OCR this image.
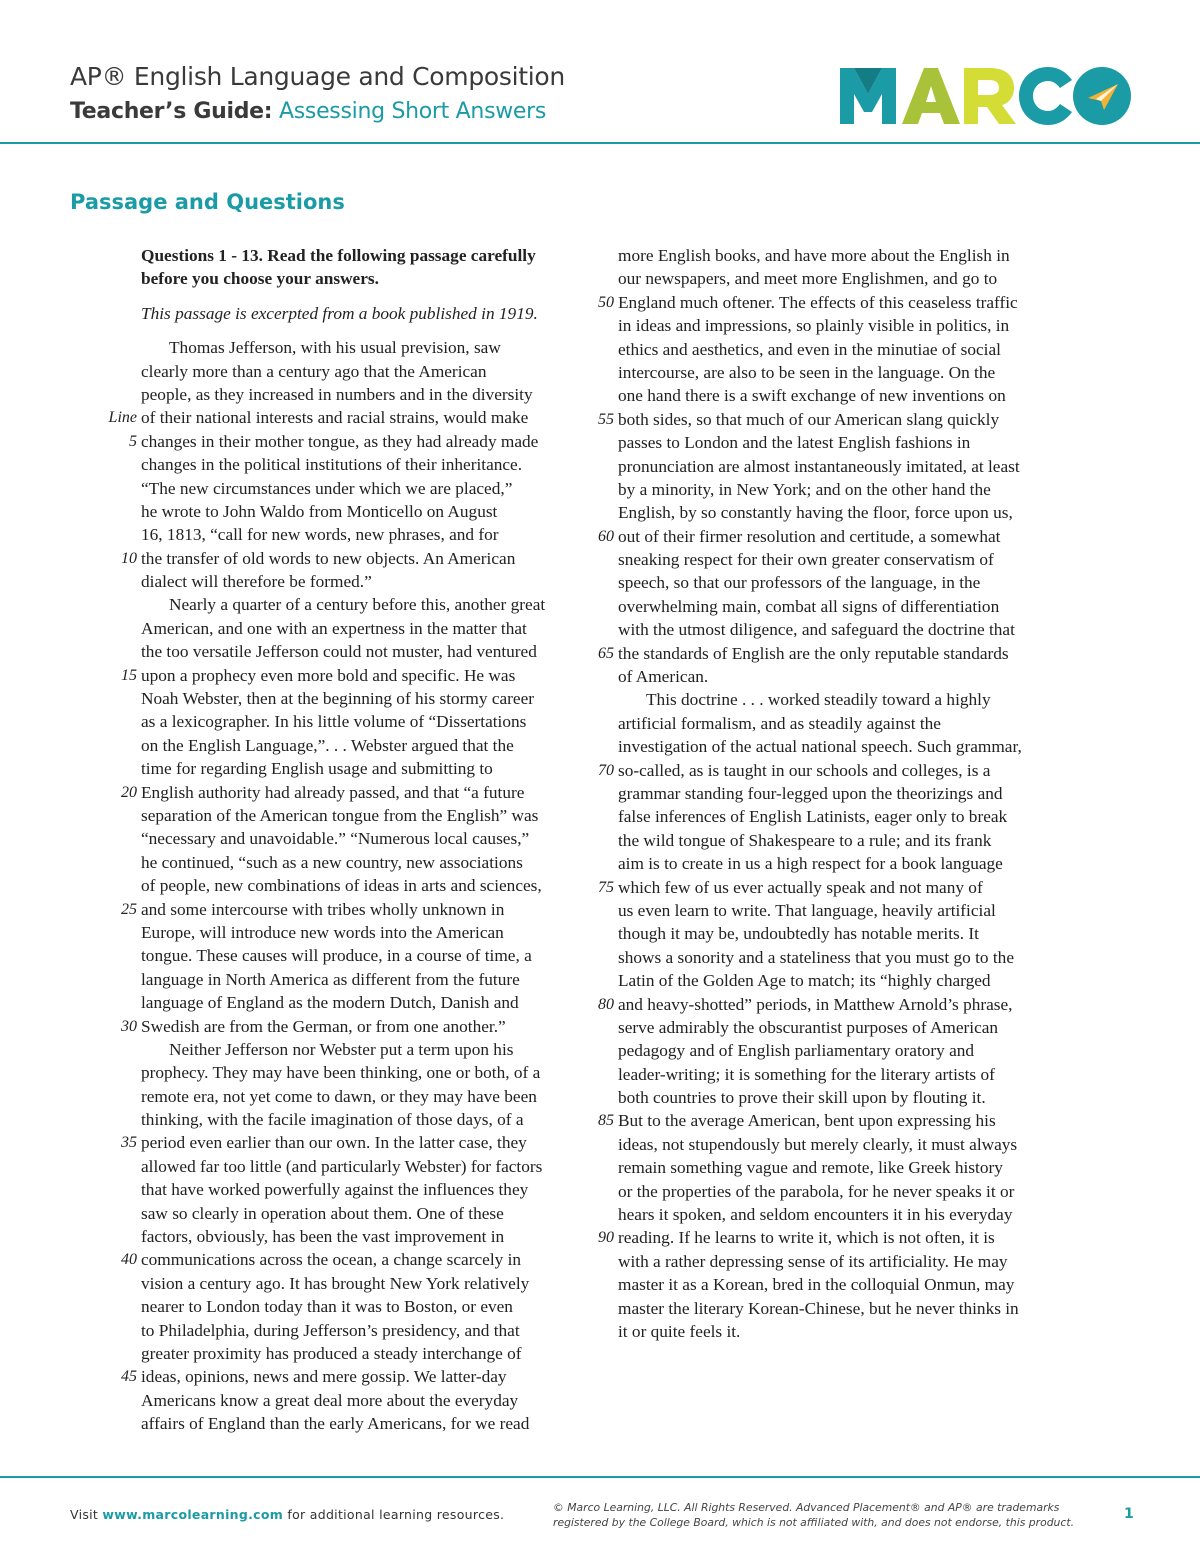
AP® English Language and Composition
Teacher’s Guide: Assessing Short Answers
Passage and Questions
Questions 1 - 13. Read the following passage carefully
before you choose your answers.
This passage is excerpted from a book published in 1919.
Thomas Jefferson, with his usual prevision, saw
clearly more than a century ago that the American
people, as they increased in numbers and in the diversity
Line of their national interests and racial strains, would make
5 changes in their mother tongue, as they had already made
changes in the political institutions of their inheritance.
“The new circumstances under which we are placed,”
he wrote to John Waldo from Monticello on August
16, 1813, “call for new words, new phrases, and for
10 the transfer of old words to new objects. An American
dialect will therefore be formed.”
Nearly a quarter of a century before this, another great
American, and one with an expertness in the matter that
the too versatile Jefferson could not muster, had ventured
15 upon a prophecy even more bold and specific. He was
Noah Webster, then at the beginning of his stormy career
as a lexicographer. In his little volume of “Dissertations
on the English Language,”. . . Webster argued that the
time for regarding English usage and submitting to
20 English authority had already passed, and that “a future
separation of the American tongue from the English” was
“necessary and unavoidable.” “Numerous local causes,”
he continued, “such as a new country, new associations
of people, new combinations of ideas in arts and sciences,
25 and some intercourse with tribes wholly unknown in
Europe, will introduce new words into the American
tongue. These causes will produce, in a course of time, a
language in North America as different from the future
language of England as the modern Dutch, Danish and
30 Swedish are from the German, or from one another.”
Neither Jefferson nor Webster put a term upon his
prophecy. They may have been thinking, one or both, of a
remote era, not yet come to dawn, or they may have been
thinking, with the facile imagination of those days, of a
35 period even earlier than our own. In the latter case, they
allowed far too little (and particularly Webster) for factors
that have worked powerfully against the influences they
saw so clearly in operation about them. One of these
factors, obviously, has been the vast improvement in
40 communications across the ocean, a change scarcely in
vision a century ago. It has brought New York relatively
nearer to London today than it was to Boston, or even
to Philadelphia, during Jefferson’s presidency, and that
greater proximity has produced a steady interchange of
45 ideas, opinions, news and mere gossip. We latter-day
Americans know a great deal more about the everyday
affairs of England than the early Americans, for we read
more English books, and have more about the English in
our newspapers, and meet more Englishmen, and go to
50 England much oftener. The effects of this ceaseless traffic
in ideas and impressions, so plainly visible in politics, in
ethics and aesthetics, and even in the minutiae of social
intercourse, are also to be seen in the language. On the
one hand there is a swift exchange of new inventions on
55 both sides, so that much of our American slang quickly
passes to London and the latest English fashions in
pronunciation are almost instantaneously imitated, at least
by a minority, in New York; and on the other hand the
English, by so constantly having the floor, force upon us,
60 out of their firmer resolution and certitude, a somewhat
sneaking respect for their own greater conservatism of
speech, so that our professors of the language, in the
overwhelming main, combat all signs of differentiation
with the utmost diligence, and safeguard the doctrine that
65 the standards of English are the only reputable standards
of American.
This doctrine . . . worked steadily toward a highly
artificial formalism, and as steadily against the
investigation of the actual national speech. Such grammar,
70 so-called, as is taught in our schools and colleges, is a
grammar standing four-legged upon the theorizings and
false inferences of English Latinists, eager only to break
the wild tongue of Shakespeare to a rule; and its frank
aim is to create in us a high respect for a book language
75 which few of us ever actually speak and not many of
us even learn to write. That language, heavily artificial
though it may be, undoubtedly has notable merits. It
shows a sonority and a stateliness that you must go to the
Latin of the Golden Age to match; its “highly charged
80 and heavy-shotted” periods, in Matthew Arnold’s phrase,
serve admirably the obscurantist purposes of American
pedagogy and of English parliamentary oratory and
leader-writing; it is something for the literary artists of
both countries to prove their skill upon by flouting it.
85 But to the average American, bent upon expressing his
ideas, not stupendously but merely clearly, it must always
remain something vague and remote, like Greek history
or the properties of the parabola, for he never speaks it or
hears it spoken, and seldom encounters it in his everyday
90 reading. If he learns to write it, which is not often, it is
with a rather depressing sense of its artificiality. He may
master it as a Korean, bred in the colloquial Onmun, may
master the literary Korean-Chinese, but he never thinks in
it or quite feels it.
Visit www.marcolearning.com for additional learning resources.	© Marco Learning, LLC. All Rights Reserved. Advanced Placement® and AP® are trademarks
registered by the College Board, which is not affiliated with, and does not endorse, this product.
1
